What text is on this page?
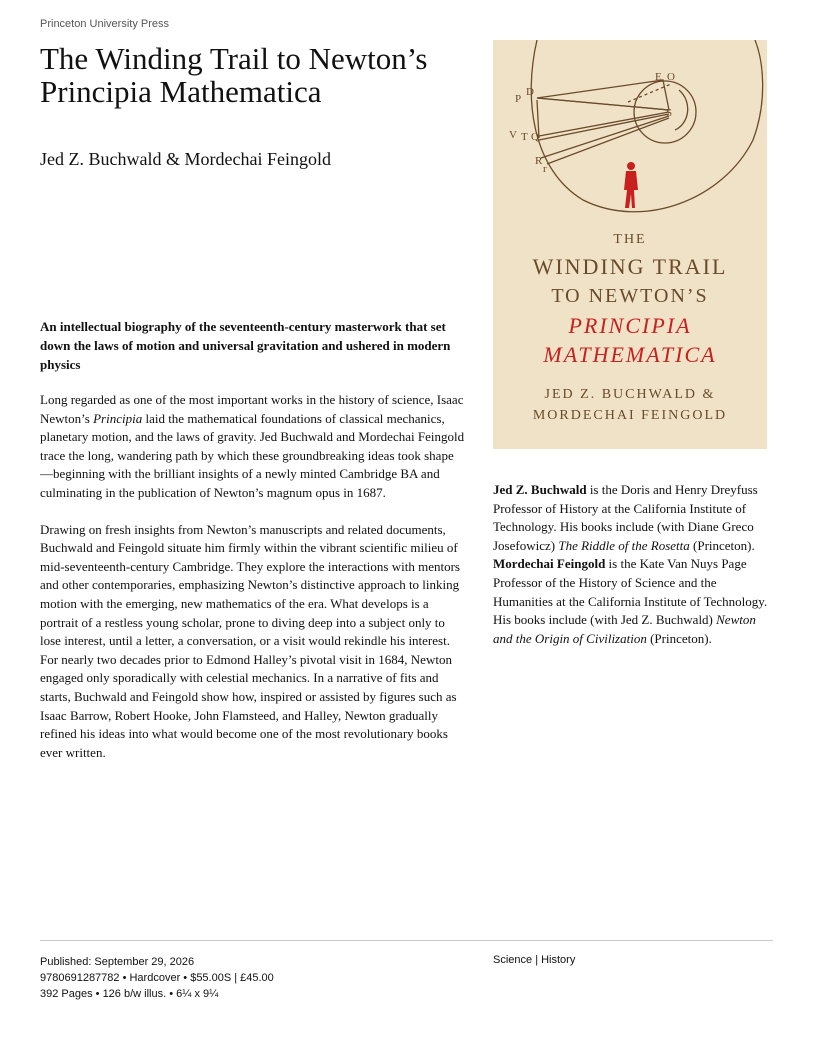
Princeton University Press
The Winding Trail to Newton’s Principia Mathematica
Jed Z. Buchwald & Mordechai Feingold

An intellectual biography of the seventeenth-century masterwork that set down the laws of motion and universal gravitation and ushered in modern physics

Long regarded as one of the most important works in the history of science, Isaac Newton’s Principia laid the mathematical foundations of classical mechanics, planetary motion, and the laws of gravity. Jed Buchwald and Mordechai Feingold trace the long, wandering path by which these groundbreaking ideas took shape—beginning with the brilliant insights of a newly minted Cambridge BA and culminating in the publication of Newton’s magnum opus in 1687.

Drawing on fresh insights from Newton’s manuscripts and related documents, Buchwald and Feingold situate him firmly within the vibrant scientific milieu of mid-seventeenth-century Cambridge. They explore the interactions with mentors and other contemporaries, emphasizing Newton’s distinctive approach to linking motion with the emerging, new mathematics of the era. What develops is a portrait of a restless young scholar, prone to diving deep into a subject only to lose interest, until a letter, a conversation, or a visit would rekindle his interest. For nearly two decades prior to Edmond Halley’s pivotal visit in 1684, Newton engaged only sporadically with celestial mechanics. In a narrative of fits and starts, Buchwald and Feingold show how, inspired or assisted by figures such as Isaac Barrow, Robert Hooke, John Flamsteed, and Halley, Newton gradually refined his ideas into what would become one of the most revolutionary books ever written.

P
D
E O
S
V T Q
R
r
THE
WINDING TRAIL
TO NEWTON’S
PRINCIPIA
MATHEMATICA
JED Z. BUCHWALD &
MORDECHAI FEINGOLD
Jed Z. Buchwald is the Doris and Henry Dreyfuss Professor of History at the California Institute of Technology. His books include (with Diane Greco Josefowicz) The Riddle of the Rosetta (Princeton). Mordechai Feingold is the Kate Van Nuys Page Professor of the History of Science and the Humanities at the California Institute of Technology. His books include (with Jed Z. Buchwald) Newton and the Origin of Civilization (Princeton).
Published: September 29, 2026
9780691287782 • Hardcover • $55.00S | £45.00
392 Pages • 126 b/w illus. • 6¼ x 9¼
Science | History
